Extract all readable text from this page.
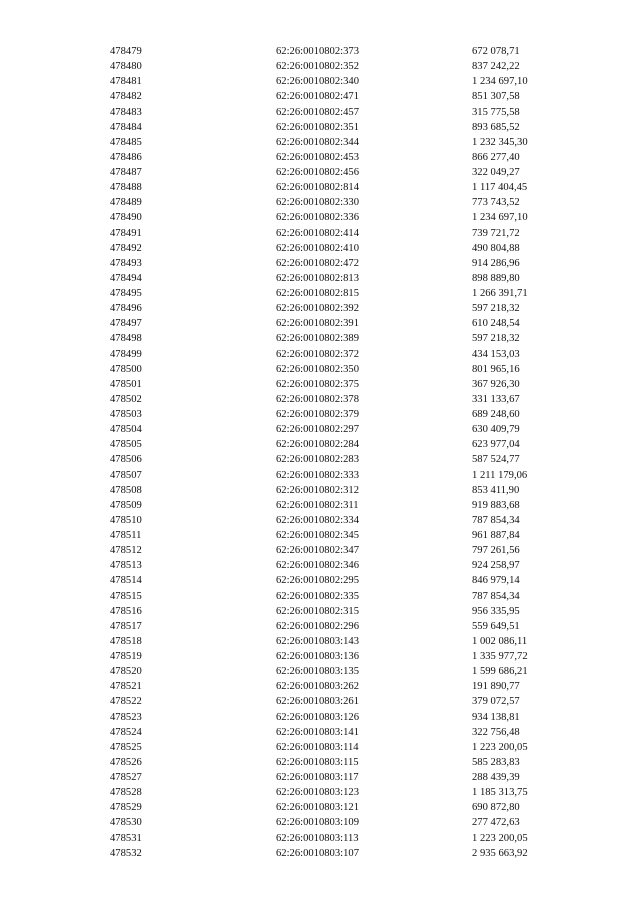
478479	62:26:0010802:373	672 078,71
478480	62:26:0010802:352	837 242,22
478481	62:26:0010802:340	1 234 697,10
478482	62:26:0010802:471	851 307,58
478483	62:26:0010802:457	315 775,58
478484	62:26:0010802:351	893 685,52
478485	62:26:0010802:344	1 232 345,30
478486	62:26:0010802:453	866 277,40
478487	62:26:0010802:456	322 049,27
478488	62:26:0010802:814	1 117 404,45
478489	62:26:0010802:330	773 743,52
478490	62:26:0010802:336	1 234 697,10
478491	62:26:0010802:414	739 721,72
478492	62:26:0010802:410	490 804,88
478493	62:26:0010802:472	914 286,96
478494	62:26:0010802:813	898 889,80
478495	62:26:0010802:815	1 266 391,71
478496	62:26:0010802:392	597 218,32
478497	62:26:0010802:391	610 248,54
478498	62:26:0010802:389	597 218,32
478499	62:26:0010802:372	434 153,03
478500	62:26:0010802:350	801 965,16
478501	62:26:0010802:375	367 926,30
478502	62:26:0010802:378	331 133,67
478503	62:26:0010802:379	689 248,60
478504	62:26:0010802:297	630 409,79
478505	62:26:0010802:284	623 977,04
478506	62:26:0010802:283	587 524,77
478507	62:26:0010802:333	1 211 179,06
478508	62:26:0010802:312	853 411,90
478509	62:26:0010802:311	919 883,68
478510	62:26:0010802:334	787 854,34
478511	62:26:0010802:345	961 887,84
478512	62:26:0010802:347	797 261,56
478513	62:26:0010802:346	924 258,97
478514	62:26:0010802:295	846 979,14
478515	62:26:0010802:335	787 854,34
478516	62:26:0010802:315	956 335,95
478517	62:26:0010802:296	559 649,51
478518	62:26:0010803:143	1 002 086,11
478519	62:26:0010803:136	1 335 977,72
478520	62:26:0010803:135	1 599 686,21
478521	62:26:0010803:262	191 890,77
478522	62:26:0010803:261	379 072,57
478523	62:26:0010803:126	934 138,81
478524	62:26:0010803:141	322 756,48
478525	62:26:0010803:114	1 223 200,05
478526	62:26:0010803:115	585 283,83
478527	62:26:0010803:117	288 439,39
478528	62:26:0010803:123	1 185 313,75
478529	62:26:0010803:121	690 872,80
478530	62:26:0010803:109	277 472,63
478531	62:26:0010803:113	1 223 200,05
478532	62:26:0010803:107	2 935 663,92
